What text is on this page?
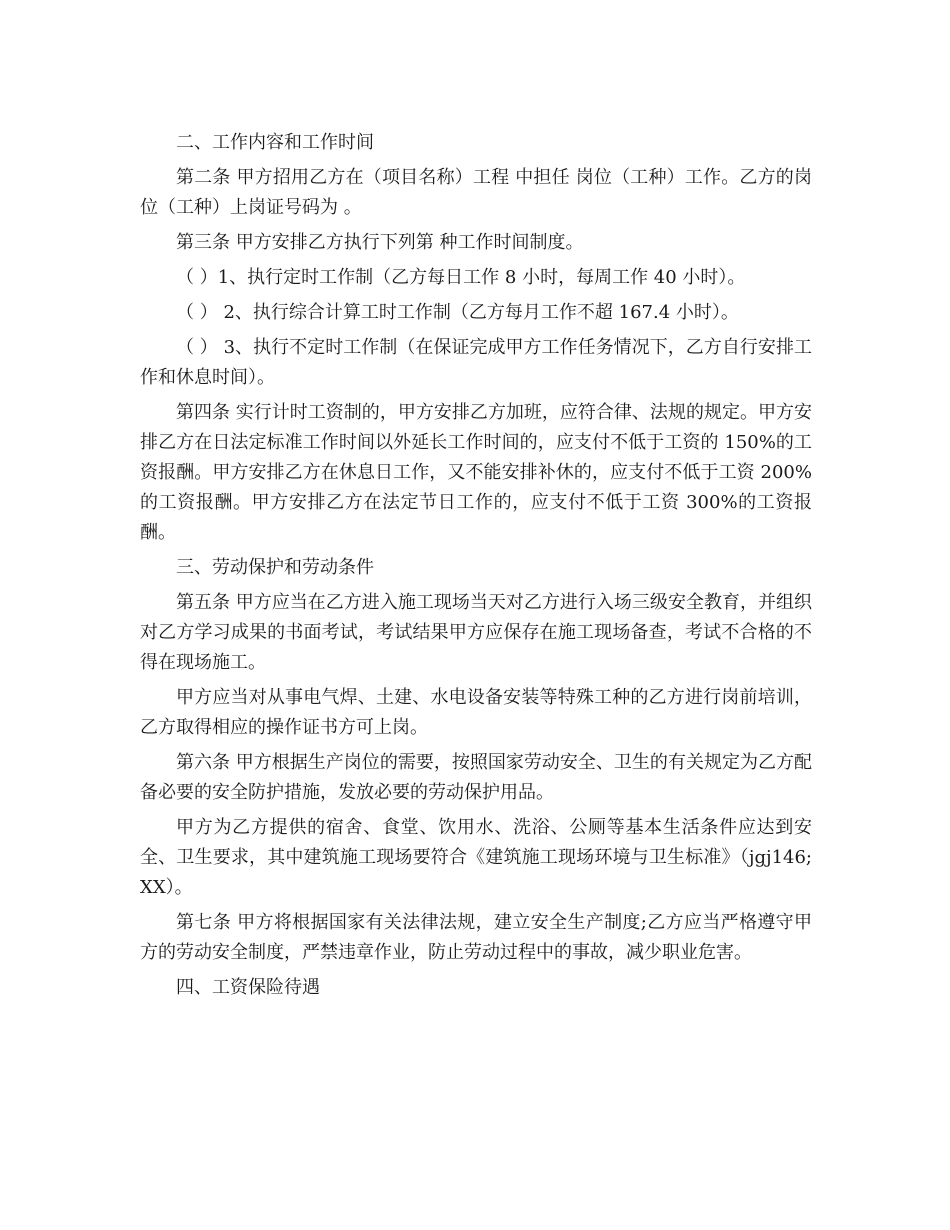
二、工作内容和工作时间

第二条 甲方招用乙方在（项目名称）工程 中担任 岗位（工种）工作。乙方的岗位（工种）上岗证号码为 。

第三条 甲方安排乙方执行下列第 种工作时间制度。

（ ）1、执行定时工作制（乙方每日工作 8 小时，每周工作 40 小时）。

（ ） 2、执行综合计算工时工作制（乙方每月工作不超 167.4 小时）。

（ ） 3、执行不定时工作制（在保证完成甲方工作任务情况下，乙方自行安排工作和休息时间）。

第四条 实行计时工资制的，甲方安排乙方加班，应符合律、法规的规定。甲方安排乙方在日法定标准工作时间以外延长工作时间的，应支付不低于工资的 150%的工资报酬。甲方安排乙方在休息日工作，又不能安排补休的，应支付不低于工资 200%的工资报酬。甲方安排乙方在法定节日工作的，应支付不低于工资 300%的工资报酬。

三、劳动保护和劳动条件

第五条 甲方应当在乙方进入施工现场当天对乙方进行入场三级安全教育，并组织对乙方学习成果的书面考试，考试结果甲方应保存在施工现场备查，考试不合格的不得在现场施工。

甲方应当对从事电气焊、土建、水电设备安装等特殊工种的乙方进行岗前培训，乙方取得相应的操作证书方可上岗。

第六条 甲方根据生产岗位的需要，按照国家劳动安全、卫生的有关规定为乙方配备必要的安全防护措施，发放必要的劳动保护用品。

甲方为乙方提供的宿舍、食堂、饮用水、洗浴、公厕等基本生活条件应达到安全、卫生要求，其中建筑施工现场要符合《建筑施工现场环境与卫生标准》（jgj146;XX）。

第七条 甲方将根据国家有关法律法规，建立安全生产制度;乙方应当严格遵守甲方的劳动安全制度，严禁违章作业，防止劳动过程中的事故，减少职业危害。

四、工资保险待遇
